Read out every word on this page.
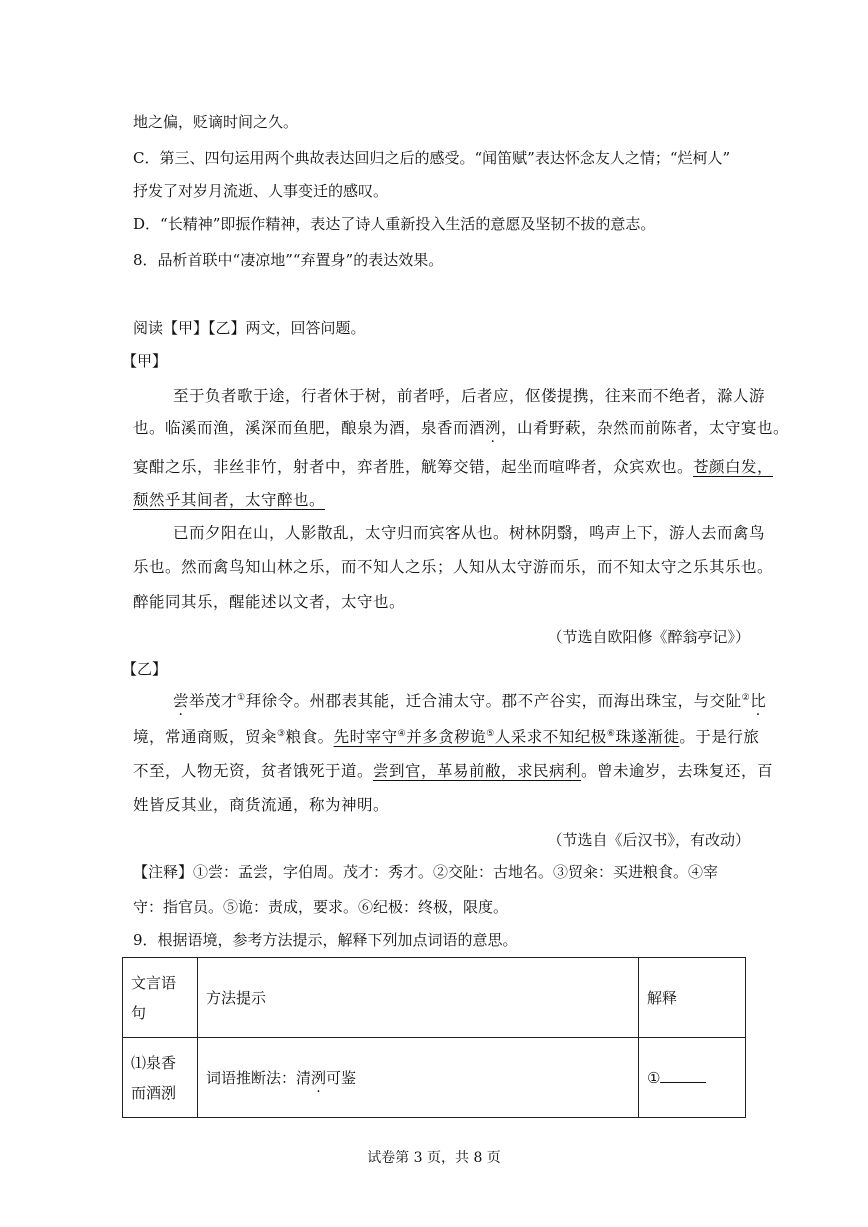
地之偏，贬谪时间之久。
C．第三、四句运用两个典故表达回归之后的感受。“闻笛赋”表达怀念友人之情；“烂柯人”
抒发了对岁月流逝、人事变迁的感叹。
D．“长精神”即振作精神，表达了诗人重新投入生活的意愿及坚韧不拔的意志。
8．品析首联中“凄凉地”“弃置身”的表达效果。
阅读【甲】【乙】两文，回答问题。
【甲】
至于负者歌于途，行者休于树，前者呼，后者应，伛偻提携，往来而不绝者，滁人游
也。临溪而渔，溪深而鱼肥，酿泉为酒，泉香而酒洌，山肴野蔌，杂然而前陈者，太守宴也。
宴酣之乐，非丝非竹，射者中，弈者胜，觥筹交错，起坐而喧哗者，众宾欢也。苍颜白发，
颓然乎其间者，太守醉也。
已而夕阳在山，人影散乱，太守归而宾客从也。树林阴翳，鸣声上下，游人去而禽鸟
乐也。然而禽鸟知山林之乐，而不知人之乐；人知从太守游而乐，而不知太守之乐其乐也。
醉能同其乐，醒能述以文者，太守也。
（节选自欧阳修《醉翁亭记》）
【乙】
尝举茂才①拜徐令。州郡表其能，迁合浦太守。郡不产谷实，而海出珠宝，与交阯②比
境，常通商贩，贸籴③粮食。先时宰守④并多贪秽诡⑤人采求不知纪极⑥珠遂渐徙。于是行旅
不至，人物无资，贫者饿死于道。尝到官，革易前敝，求民病利。曾未逾岁，去珠复还，百
姓皆反其业，商货流通，称为神明。
（节选自《后汉书》，有改动）
【注释】①尝：孟尝，字伯周。茂才：秀才。②交阯：古地名。③贸籴：买进粮食。④宰
守：指官员。⑤诡：责成，要求。⑥纪极：终极，限度。
9．根据语境，参考方法提示，解释下列加点词语的意思。
文言语句	方法提示	解释
⑴泉香
而酒洌 .	词语推断法：清洌可鉴	①
试卷第 3 页，共 8 页
